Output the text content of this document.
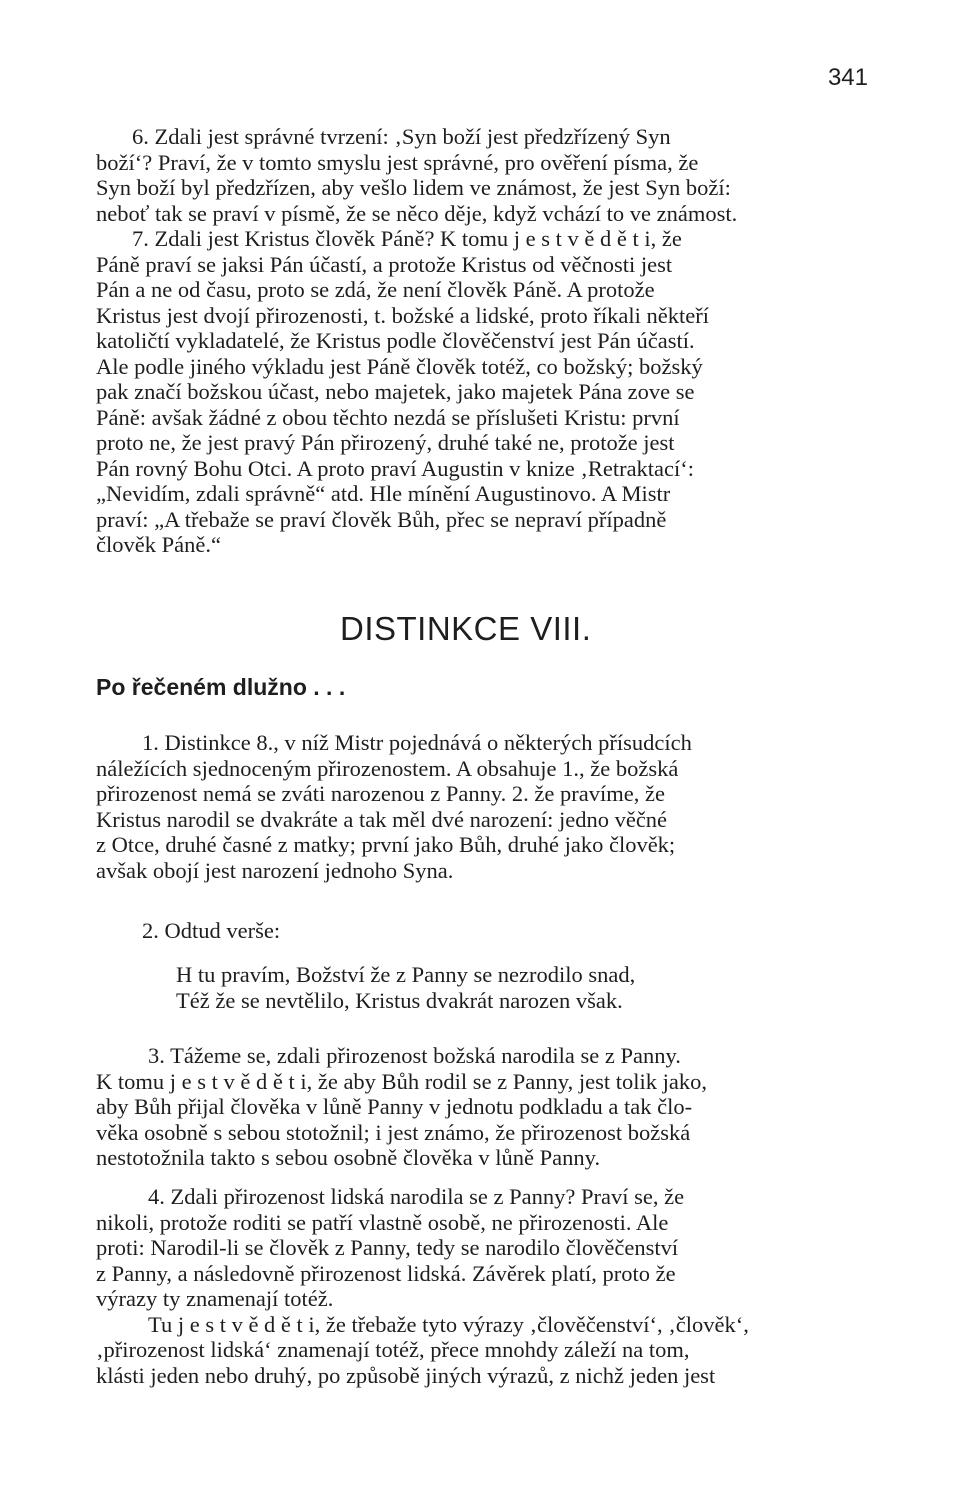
341
6. Zdali jest správné tvrzení: ‚Syn boží jest předzřízený Syn
boží‘? Praví, že v tomto smyslu jest správné, pro ověření písma, že
Syn boží byl předzřízen, aby vešlo lidem ve známost, že jest Syn boží:
neboť tak se praví v písmě, že se něco děje, když vchází to ve známost.
7. Zdali jest Kristus člověk Páně? K tomu j e s t v ě d ě t i, že
Páně praví se jaksi Pán účastí, a protože Kristus od věčnosti jest
Pán a ne od času, proto se zdá, že není člověk Páně. A protože
Kristus jest dvojí přirozenosti, t. božské a lidské, proto říkali někteří
katoličtí vykladatelé, že Kristus podle člověčenství jest Pán účastí.
Ale podle jiného výkladu jest Páně člověk totéž, co božský; božský
pak značí božskou účast, nebo majetek, jako majetek Pána zove se
Páně: avšak žádné z obou těchto nezdá se příslušeti Kristu: první
proto ne, že jest pravý Pán přirozený, druhé také ne, protože jest
Pán rovný Bohu Otci. A proto praví Augustin v knize ‚Retraktací‘:
„Nevidím, zdali správně“ atd. Hle mínění Augustinovo. A Mistr
praví: „A třebaže se praví člověk Bůh, přec se nepraví případně
člověk Páně.“
DISTINKCE VIII.
Po řečeném dlužno . . .
1. Distinkce 8., v níž Mistr pojednává o některých přísudcích
náležících sjednoceným přirozenostem. A obsahuje 1., že božská
přirozenost nemá se zváti narozenou z Panny. 2. že pravíme, že
Kristus narodil se dvakráte a tak měl dvé narození: jedno věčné
z Otce, druhé časné z matky; první jako Bůh, druhé jako člověk;
avšak obojí jest narození jednoho Syna.
2. Odtud verše:
H tu pravím, Božství že z Panny se nezrodilo snad,
Též že se nevtělilo, Kristus dvakrát narozen však.
3. Tážeme se, zdali přirozenost božská narodila se z Panny.
K tomu j e s t v ě d ě t i, že aby Bůh rodil se z Panny, jest tolik jako,
aby Bůh přijal člověka v lůně Panny v jednotu podkladu a tak člo-
věka osobně s sebou stotožnil; i jest známo, že přirozenost božská
nestotožnila takto s sebou osobně člověka v lůně Panny.
4. Zdali přirozenost lidská narodila se z Panny? Praví se, že
nikoli, protože roditi se patří vlastně osobě, ne přirozenosti. Ale
proti: Narodil-li se člověk z Panny, tedy se narodilo člověčenství
z Panny, a následovně přirozenost lidská. Závěrek platí, proto že
výrazy ty znamenají totéž.
Tu j e s t v ě d ě t i, že třebaže tyto výrazy ‚člověčenství‘, ‚člověk‘,
‚přirozenost lidská‘ znamenají totéž, přece mnohdy záleží na tom,
klásti jeden nebo druhý, po způsobě jiných výrazů, z nichž jeden jest
